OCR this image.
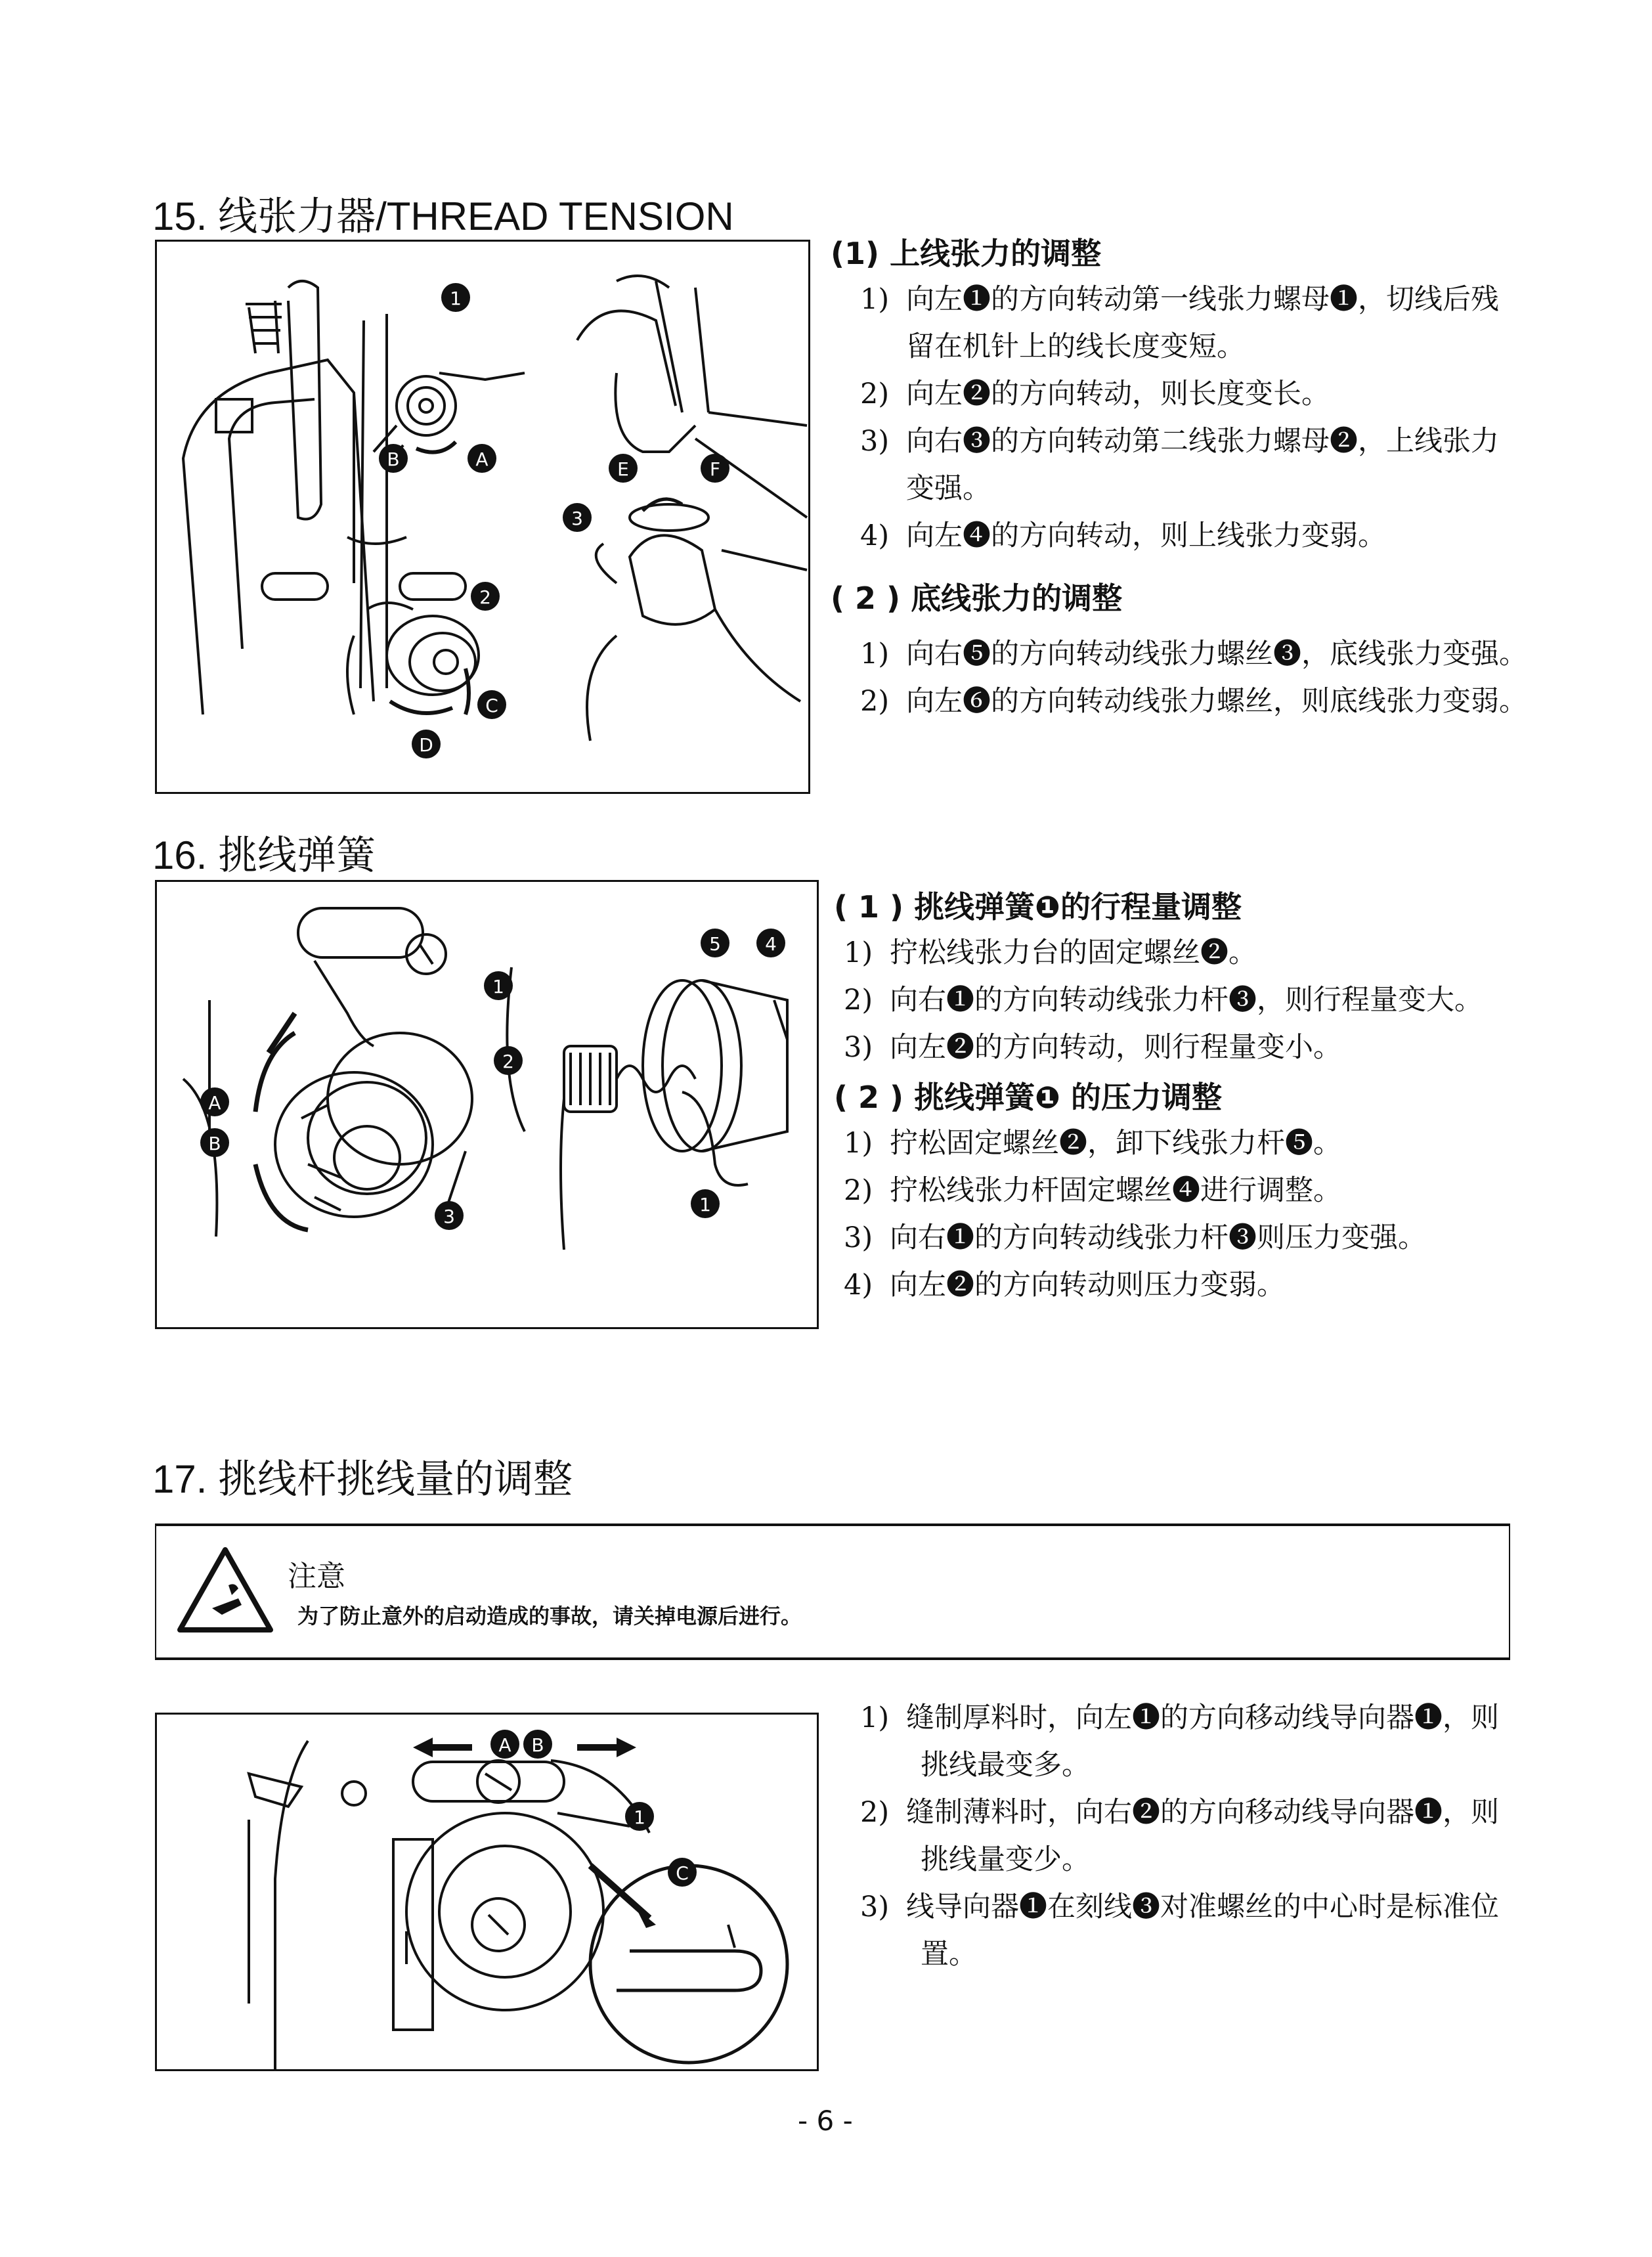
15. 线张力器/THREAD TENSION
1
2
3
B	A
C
D
E	F
(1) 上线张力的调整
1) 向左❶的方向转动第一线张力螺母❶，切线后残
留在机针上的线长度变短。
2) 向左❷的方向转动，则长度变长。
3) 向右❸的方向转动第二线张力螺母❷，上线张力
变强。
4) 向左❹的方向转动，则上线张力变弱。
( 2 ) 底线张力的调整
1) 向右❺的方向转动线张力螺丝❸，底线张力变强。
2) 向左❻的方向转动线张力螺丝，则底线张力变弱。
16. 挑线弹簧
1
2
3
4
5
1
A
B
( 1 ) 挑线弹簧❶的行程量调整
1) 拧松线张力台的固定螺丝❷。
2) 向右❶的方向转动线张力杆❸，则行程量变大。
3) 向左❷的方向转动，则行程量变小。
( 2 ) 挑线弹簧❶ 的压力调整
1) 拧松固定螺丝❷，卸下线张力杆❺。
2) 拧松线张力杆固定螺丝❹进行调整。
3) 向右❶的方向转动线张力杆❸则压力变强。
4) 向左❷的方向转动则压力变弱。
17. 挑线杆挑线量的调整
注意
为了防止意外的启动造成的事故，请关掉电源后进行。
A B
1
C
1) 缝制厚料时，向左❶的方向移动线导向器❶，则
挑线最变多。
2) 缝制薄料时，向右❷的方向移动线导向器❶，则
挑线量变少。
3) 线导向器❶在刻线❸对准螺丝的中心时是标准位
置。
- 6 -
